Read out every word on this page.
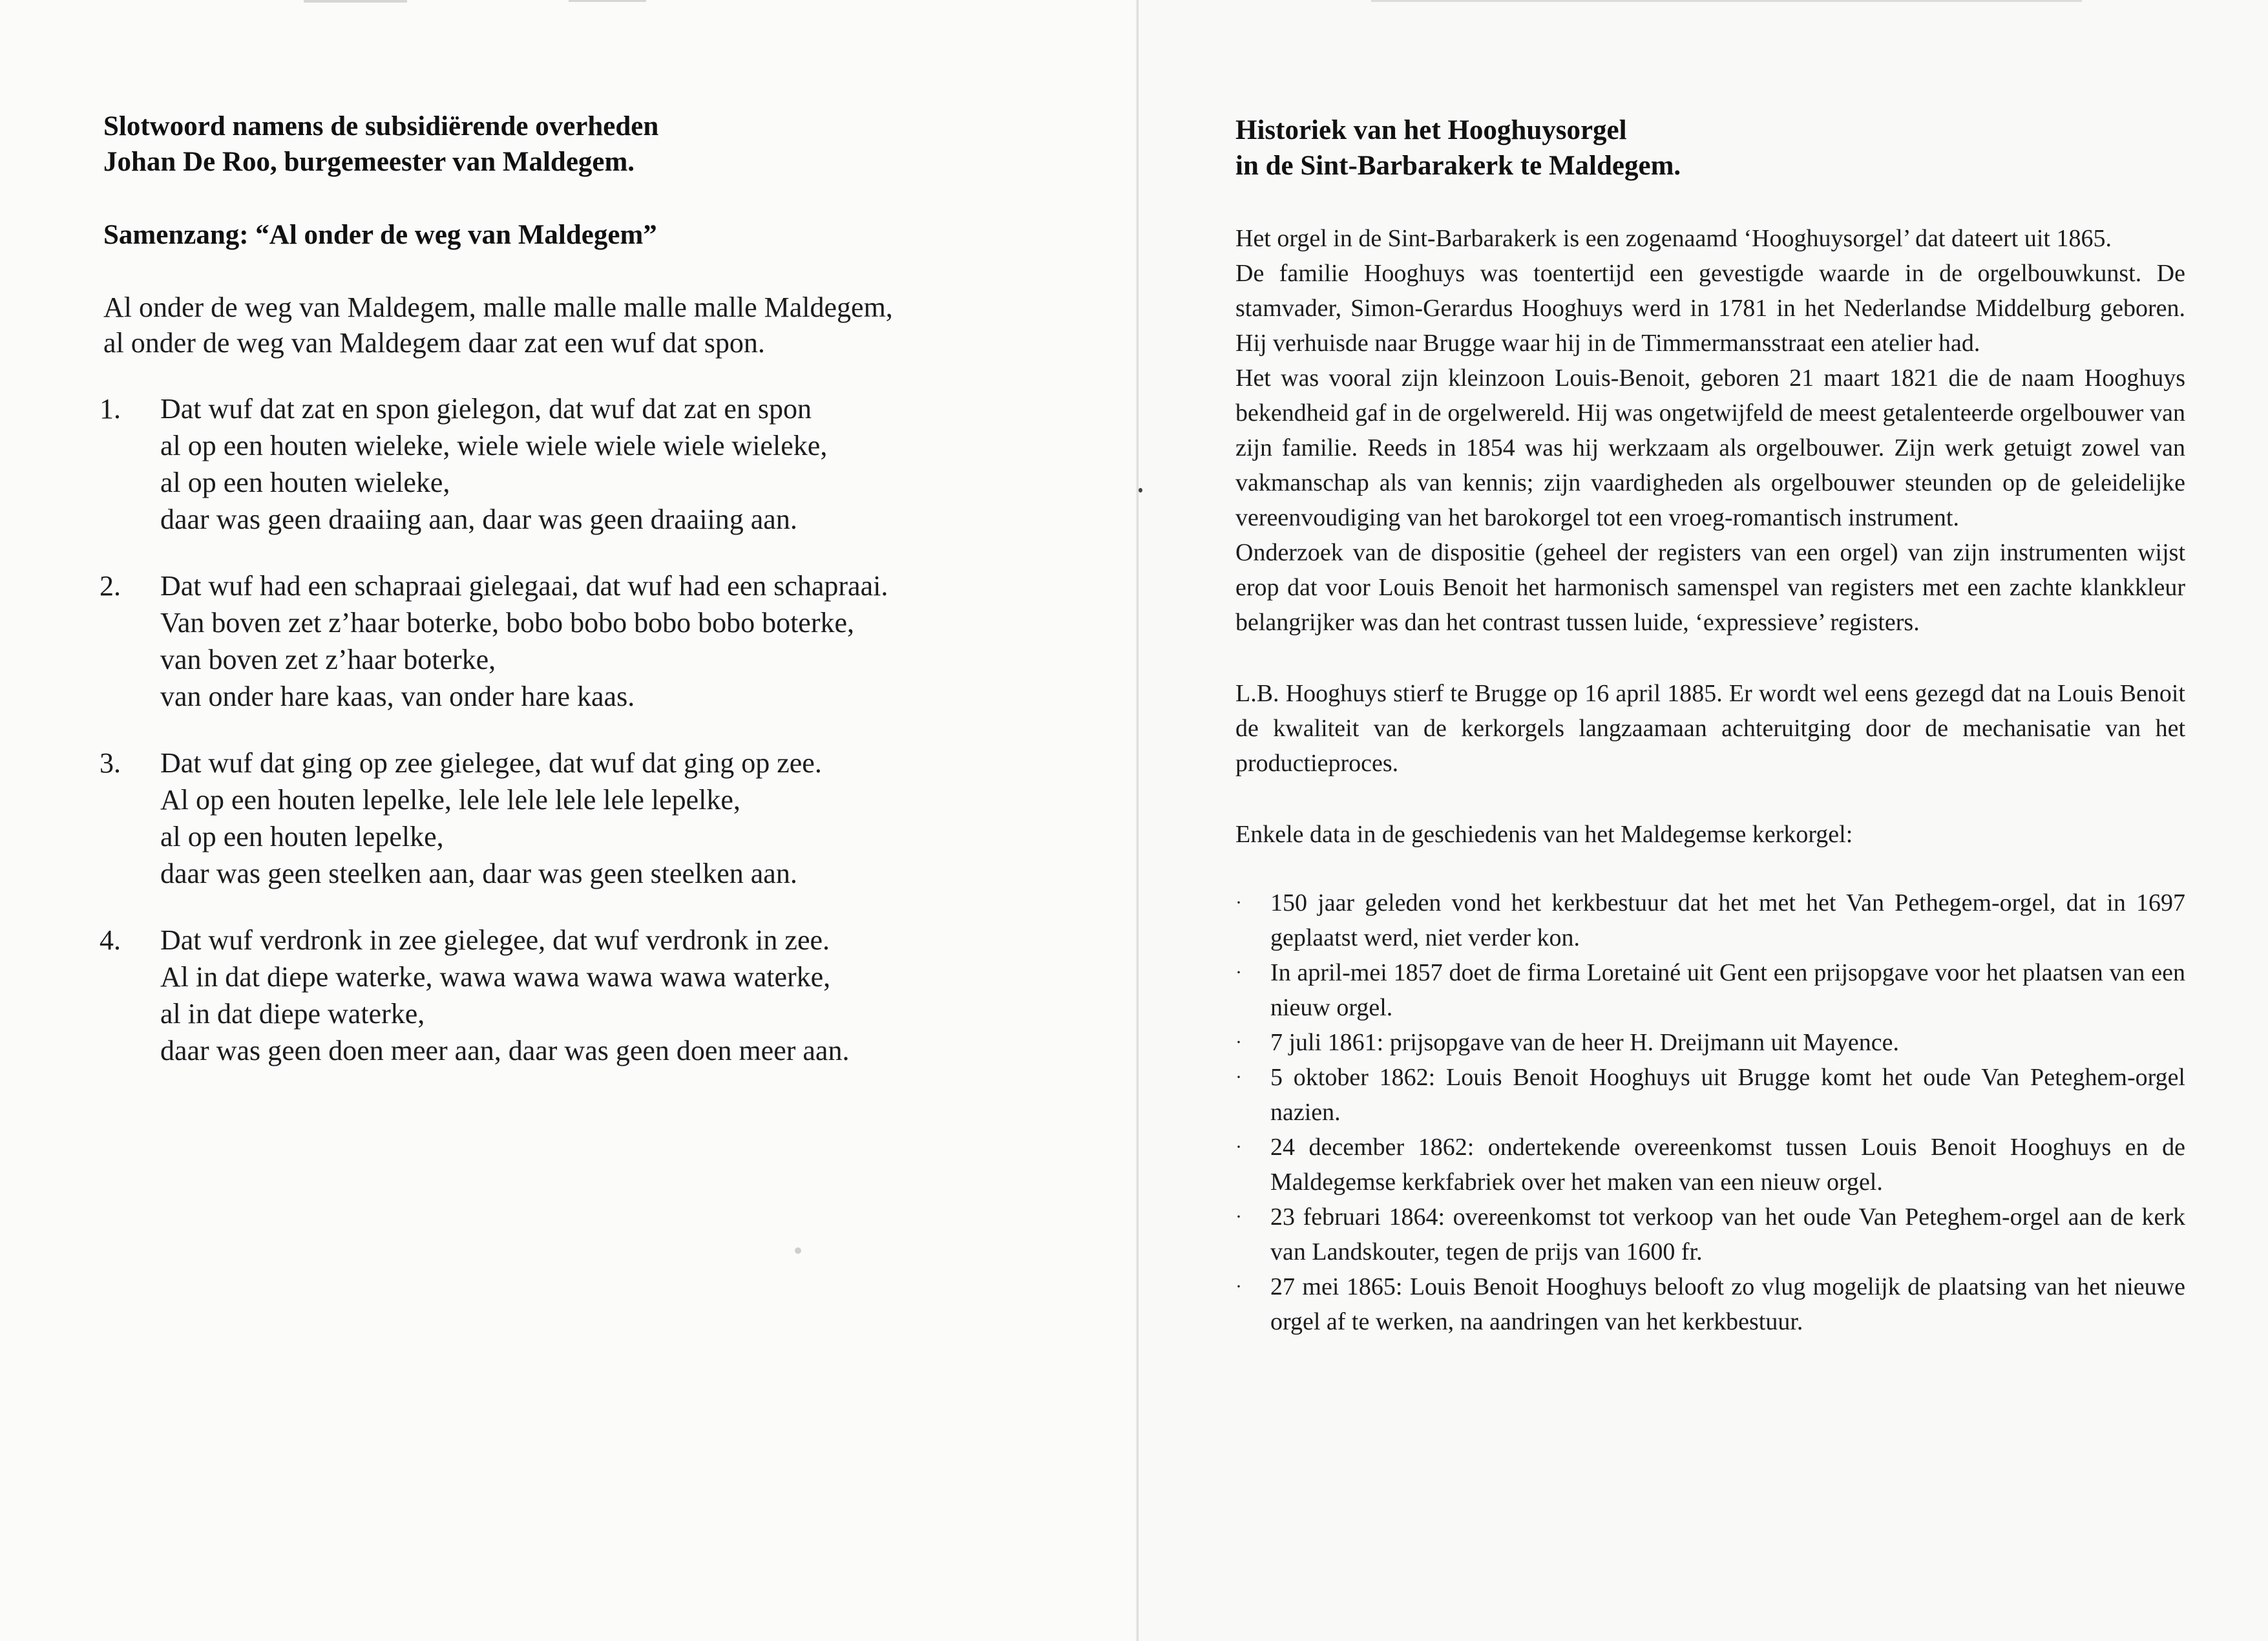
Slotwoord namens de subsidiërende overheden
Johan De Roo, burgemeester van Maldegem.
Samenzang: “Al onder de weg van Maldegem”
Al onder de weg van Maldegem, malle malle malle malle Maldegem,
al onder de weg van Maldegem daar zat een wuf dat spon.
1. Dat wuf dat zat en spon gielegon, dat wuf dat zat en spon
al op een houten wieleke, wiele wiele wiele wiele wieleke,
al op een houten wieleke,
daar was geen draaiing aan, daar was geen draaiing aan.
2. Dat wuf had een schapraai gielegaai, dat wuf had een schapraai.
Van boven zet z’haar boterke, bobo bobo bobo bobo boterke,
van boven zet z’haar boterke,
van onder hare kaas, van onder hare kaas.
3. Dat wuf dat ging op zee gielegee, dat wuf dat ging op zee.
Al op een houten lepelke, lele lele lele lele lepelke,
al op een houten lepelke,
daar was geen steelken aan, daar was geen steelken aan.
4. Dat wuf verdronk in zee gielegee, dat wuf verdronk in zee.
Al in dat diepe waterke, wawa wawa wawa wawa waterke,
al in dat diepe waterke,
daar was geen doen meer aan, daar was geen doen meer aan.
Historiek van het Hooghuysorgel
in de Sint-Barbarakerk te Maldegem.

Het orgel in de Sint-Barbarakerk is een zogenaamd ‘Hooghuysorgel’ dat dateert uit 1865.

De familie Hooghuys was toentertijd een gevestigde waarde in de orgelbouwkunst. De stamvader, Simon-Gerardus Hooghuys werd in 1781 in het Nederlandse Middelburg geboren. Hij verhuisde naar Brugge waar hij in de Timmermansstraat een atelier had.

Het was vooral zijn kleinzoon Louis-Benoit, geboren 21 maart 1821 die de naam Hooghuys bekendheid gaf in de orgelwereld. Hij was ongetwijfeld de meest getalenteerde orgelbouwer van zijn familie. Reeds in 1854 was hij werkzaam als orgelbouwer. Zijn werk getuigt zowel van vakmanschap als van kennis; zijn vaardigheden als orgelbouwer steunden op de geleidelijke vereenvoudiging van het barokorgel tot een vroeg-romantisch instrument.

Onderzoek van de dispositie (geheel der registers van een orgel) van zijn instrumenten wijst erop dat voor Louis Benoit het harmonisch samenspel van registers met een zachte klankkleur belangrijker was dan het contrast tussen luide, ‘expressieve’ registers.

L.B. Hooghuys stierf te Brugge op 16 april 1885. Er wordt wel eens gezegd dat na Louis Benoit de kwaliteit van de kerkorgels langzaamaan achteruitging door de mechanisatie van het productieproces.

Enkele data in de geschiedenis van het Maldegemse kerkorgel:

· 150 jaar geleden vond het kerkbestuur dat het met het Van Pethegem-orgel, dat in 1697 geplaatst werd, niet verder kon.
· In april-mei 1857 doet de firma Loretainé uit Gent een prijsopgave voor het plaatsen van een nieuw orgel.
· 7 juli 1861: prijsopgave van de heer H. Dreijmann uit Mayence.
· 5 oktober 1862: Louis Benoit Hooghuys uit Brugge komt het oude Van Peteghem-orgel nazien.
· 24 december 1862: ondertekende overeenkomst tussen Louis Benoit Hooghuys en de Maldegemse kerkfabriek over het maken van een nieuw orgel.
· 23 februari 1864: overeenkomst tot verkoop van het oude Van Peteghem-orgel aan de kerk van Landskouter, tegen de prijs van 1600 fr.
· 27 mei 1865: Louis Benoit Hooghuys belooft zo vlug mogelijk de plaatsing van het nieuwe orgel af te werken, na aandringen van het kerkbestuur.
